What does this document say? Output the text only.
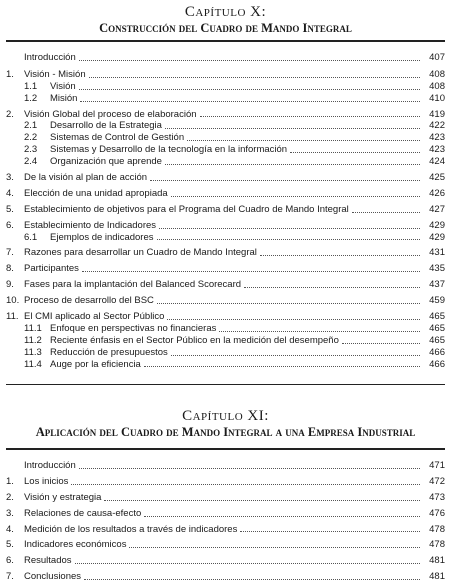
Capítulo X:
Construcción del Cuadro de Mando Integral
Introducción	407
1.	Visión - Misión	408
1.1	Visión	408
1.2	Misión	410
2.	Visión Global del proceso de elaboración	419
2.1	Desarrollo de la Estrategia	422
2.2	Sistemas de Control de Gestión	423
2.3	Sistemas y Desarrollo de la tecnología en la información	423
2.4	Organización que aprende	424
3.	De la visión al plan de acción	425
4.	Elección de una unidad apropiada	426
5.	Establecimiento de objetivos para el Programa del Cuadro de Mando Integral	427
6.	Establecimiento de Indicadores	429
6.1	Ejemplos de indicadores	429
7.	Razones para desarrollar un Cuadro de Mando Integral	431
8.	Participantes	435
9.	Fases para la implantación del Balanced Scorecard	437
10. Proceso de desarrollo del BSC	459
11. El CMI aplicado al Sector Público	465
11.1 Enfoque en perspectivas no financieras	465
11.2 Reciente énfasis en el Sector Público en la medición del desempeño	465
11.3 Reducción de presupuestos	466
11.4 Auge por la eficiencia	466
Capítulo XI:
Aplicación del Cuadro de Mando Integral a una Empresa Industrial
Introducción	471
1.	Los inicios	472
2.	Visión y estrategia	473
3.	Relaciones de causa-efecto	476
4.	Medición de los resultados a través de indicadores	478
5.	Indicadores económicos	478
6.	Resultados	481
7.	Conclusiones	481
